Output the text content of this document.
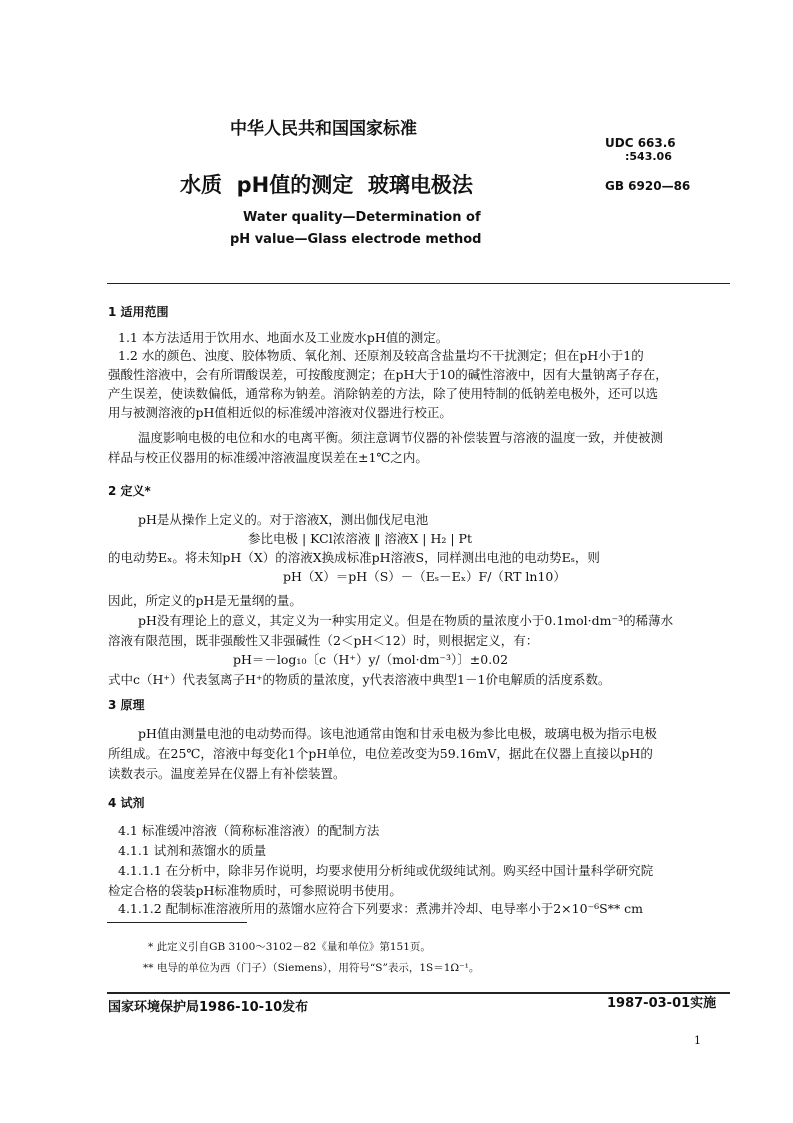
中华人民共和国国家标准
UDC 663.6
:543.06
水质  pH值的测定  玻璃电极法	GB 6920—86
Water quality—Determination of
pH value—Glass electrode method
1 适用范围
1.1 本方法适用于饮用水、地面水及工业废水pH值的测定。
1.2 水的颜色、浊度、胶体物质、氧化剂、还原剂及较高含盐量均不干扰测定；但在pH小于1的
强酸性溶液中，会有所谓酸误差，可按酸度测定；在pH大于10的碱性溶液中，因有大量钠离子存在，
产生误差，使读数偏低，通常称为钠差。消除钠差的方法，除了使用特制的低钠差电极外，还可以选
用与被测溶液的pH值相近似的标准缓冲溶液对仪器进行校正。
温度影响电极的电位和水的电离平衡。须注意调节仪器的补偿装置与溶液的温度一致，并使被测
样品与校正仪器用的标准缓冲溶液温度误差在±1℃之内。
2 定义*
pH是从操作上定义的。对于溶液X，测出伽伐尼电池
参比电极 | KCl浓溶液 ‖ 溶液X | H₂ | Pt
的电动势Eₓ。将未知pH（X）的溶液X换成标准pH溶液S，同样测出电池的电动势Eₛ，则
pH（X）＝pH（S）－（Eₛ－Eₓ）F/（RT ln10）
因此，所定义的pH是无量纲的量。
pH没有理论上的意义，其定义为一种实用定义。但是在物质的量浓度小于0.1mol·dm⁻³的稀薄水
溶液有限范围，既非强酸性又非强碱性（2＜pH＜12）时，则根据定义，有：
pH＝－log₁₀〔c（H⁺）y/（mol·dm⁻³）〕±0.02
式中c（H⁺）代表氢离子H⁺的物质的量浓度，y代表溶液中典型1－1价电解质的活度系数。
3 原理
pH值由测量电池的电动势而得。该电池通常由饱和甘汞电极为参比电极，玻璃电极为指示电极
所组成。在25℃，溶液中每变化1个pH单位，电位差改变为59.16mV，据此在仪器上直接以pH的
读数表示。温度差异在仪器上有补偿装置。
4 试剂
4.1 标准缓冲溶液（简称标准溶液）的配制方法
4.1.1 试剂和蒸馏水的质量
4.1.1.1 在分析中，除非另作说明，均要求使用分析纯或优级纯试剂。购买经中国计量科学研究院
检定合格的袋装pH标准物质时，可参照说明书使用。
4.1.1.2 配制标准溶液所用的蒸馏水应符合下列要求：煮沸并冷却、电导率小于2×10⁻⁶S** cm
* 此定义引自GB 3100～3102－82《量和单位》第151页。
** 电导的单位为西（门子）（Siemens），用符号“S”表示，1S＝1Ω⁻¹。
国家环境保护局1986-10-10发布	1987-03-01实施
1
